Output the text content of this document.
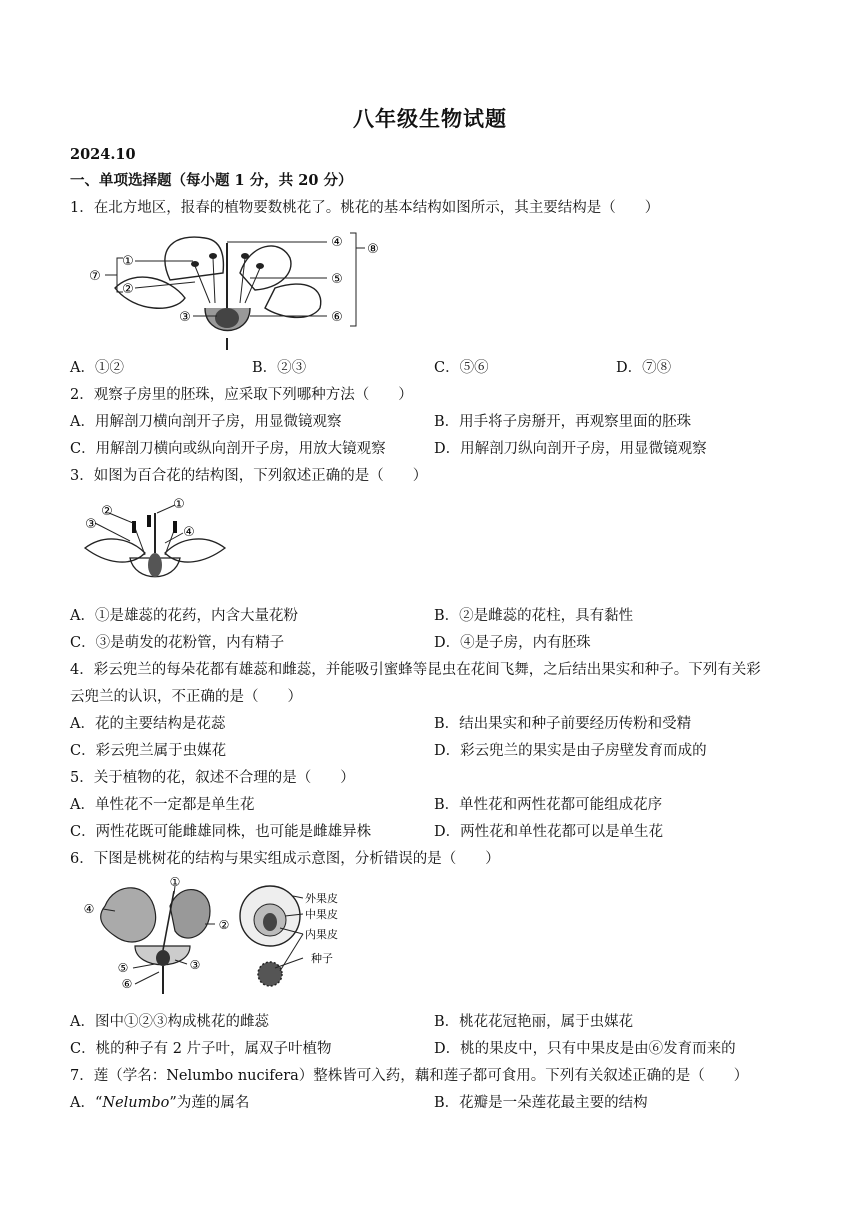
八年级生物试题
2024.10
一、单项选择题（每小题 1 分，共 20 分）
1．在北方地区，报春的植物要数桃花了。桃花的基本结构如图所示，其主要结构是（　　）
①
②
③
④
⑤
⑥
⑦
⑧
A．①②	B．②③	C．⑤⑥	D．⑦⑧
2．观察子房里的胚珠，应采取下列哪种方法（　　）
A．用解剖刀横向剖开子房，用显微镜观察	B．用手将子房掰开，再观察里面的胚珠
C．用解剖刀横向或纵向剖开子房，用放大镜观察	D．用解剖刀纵向剖开子房，用显微镜观察
3．如图为百合花的结构图，下列叙述正确的是（　　）
①
②
③
④
A．①是雄蕊的花药，内含大量花粉	B．②是雌蕊的花柱，具有黏性
C．③是萌发的花粉管，内有精子	D．④是子房，内有胚珠
4．彩云兜兰的每朵花都有雄蕊和雌蕊，并能吸引蜜蜂等昆虫在花间飞舞，之后结出果实和种子。下列有关彩
云兜兰的认识，不正确的是（　　）
A．花的主要结构是花蕊	B．结出果实和种子前要经历传粉和受精
C．彩云兜兰属于虫媒花	D．彩云兜兰的果实是由子房壁发育而成的
5．关于植物的花，叙述不合理的是（　　）
A．单性花不一定都是单生花	B．单性花和两性花都可能组成花序
C．两性花既可能雌雄同株，也可能是雌雄异株	D．两性花和单性花都可以是单生花
6．下图是桃树花的结构与果实组成示意图，分析错误的是（　　）
①
②
③
④
⑤
⑥
外果皮
中果皮
内果皮
种子
A．图中①②③构成桃花的雌蕊	B．桃花花冠艳丽，属于虫媒花
C．桃的种子有 2 片子叶，属双子叶植物	D．桃的果皮中，只有中果皮是由⑥发育而来的
7．莲（学名：Nelumbo nucifera）整株皆可入药，藕和莲子都可食用。下列有关叙述正确的是（　　）
A．“Nelumbo”为莲的属名	B．花瓣是一朵莲花最主要的结构
